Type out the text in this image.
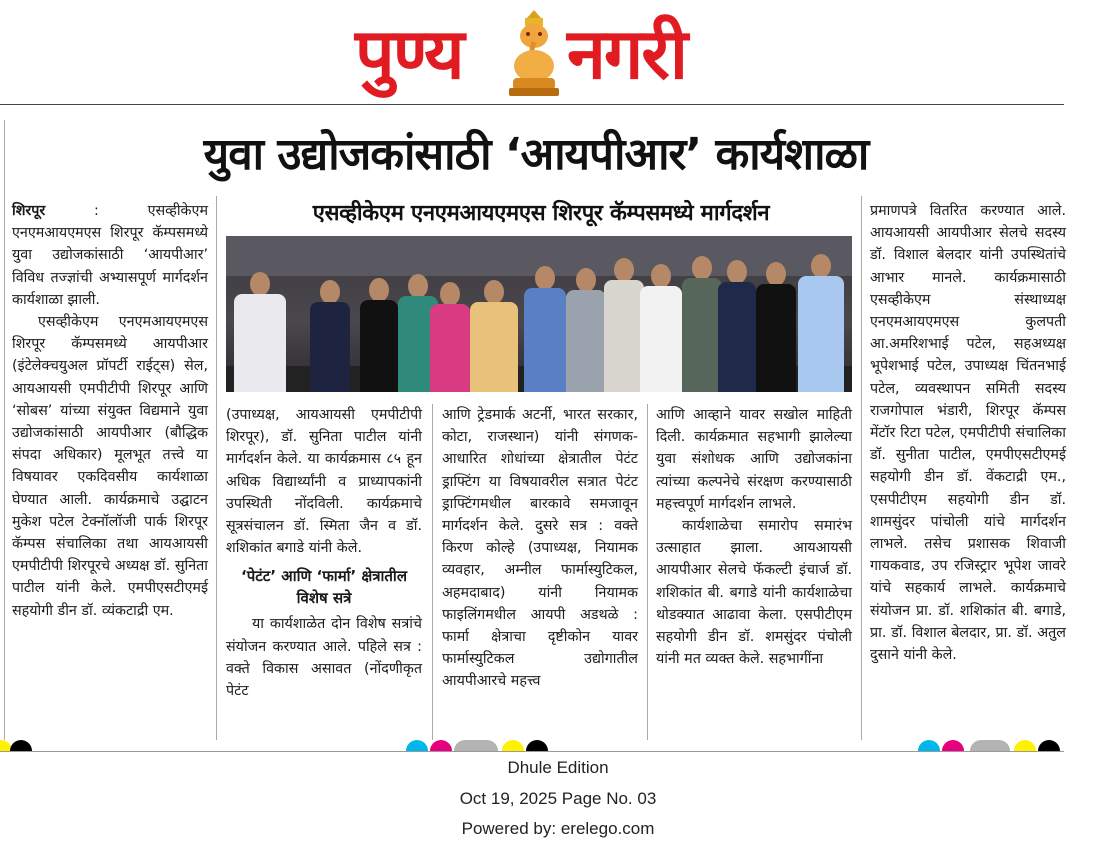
पुण्य नगरी
युवा उद्योजकांसाठी ‘आयपीआर’ कार्यशाळा

शिरपूर : एसव्हीकेएम एनएमआयएमएस शिरपूर कॅम्पसमध्ये युवा उद्योजकांसाठी ‘आयपीआर’ विविध तज्ज्ञांची अभ्यासपूर्ण मार्गदर्शन कार्यशाळा झाली.

एसव्हीकेएम एनएमआयएमएस शिरपूर कॅम्पसमध्ये आयपीआर (इंटेलेक्चयुअल प्रॉपर्टी राईट्स) सेल, आयआयसी एमपीटीपी शिरपूर आणि ‘सोबस’ यांच्या संयुक्त विद्यमाने युवा उद्योजकांसाठी आयपीआर (बौद्धिक संपदा अधिकार) मूलभूत तत्त्वे या विषयावर एकदिवसीय कार्यशाळा घेण्यात आली. कार्यक्रमाचे उद्घाटन मुकेश पटेल टेक्नॉलॉजी पार्क शिरपूर कॅम्पस संचालिका तथा आयआयसी एमपीटीपी शिरपूरचे अध्यक्ष डॉ. सुनिता पाटील यांनी केले. एमपीएसटीएमई सहयोगी डीन डॉ. व्यंकटाद्री एम.

एसव्हीकेएम एनएमआयएमएस शिरपूर कॅम्पसमध्ये मार्गदर्शन

(उपाध्यक्ष, आयआयसी एमपीटीपी शिरपूर), डॉ. सुनिता पाटील यांनी मार्गदर्शन केले. या कार्यक्रमास ८५ हून अधिक विद्यार्थ्यांनी व प्राध्यापकांनी उपस्थिती नोंदविली. कार्यक्रमाचे सूत्रसंचालन डॉ. स्मिता जैन व डॉ. शशिकांत बगाडे यांनी केले.

‘पेटंट’ आणि ‘फार्मा’ क्षेत्रातील विशेष सत्रे

या कार्यशाळेत दोन विशेष सत्रांचे संयोजन करण्यात आले. पहिले सत्र : वक्ते विकास असावत (नोंदणीकृत पेटंट

आणि ट्रेडमार्क अटर्नी, भारत सरकार, कोटा, राजस्थान) यांनी संगणक-आधारित शोधांच्या क्षेत्रातील पेटंट ड्राफ्टिंग या विषयावरील सत्रात पेटंट ड्राफ्टिंगमधील बारकावे समजावून मार्गदर्शन केले. दुसरे सत्र : वक्ते किरण कोल्हे (उपाध्यक्ष, नियामक व्यवहार, अम्नील फार्मास्युटिकल, अहमदाबाद) यांनी नियामक फाइलिंगमधील आयपी अडथळे : फार्मा क्षेत्राचा दृष्टीकोन यावर फार्मास्युटिकल उद्योगातील आयपीआरचे महत्त्व

आणि आव्हाने यावर सखोल माहिती दिली. कार्यक्रमात सहभागी झालेल्या युवा संशोधक आणि उद्योजकांना त्यांच्या कल्पनेचे संरक्षण करण्यासाठी महत्त्वपूर्ण मार्गदर्शन लाभले.

कार्यशाळेचा समारोप समारंभ उत्साहात झाला. आयआयसी आयपीआर सेलचे फॅकल्टी इंचार्ज डॉ. शशिकांत बी. बगाडे यांनी कार्यशाळेचा थोडक्यात आढावा केला. एसपीटीएम सहयोगी डीन डॉ. शमसुंदर पंचोली यांनी मत व्यक्त केले. सहभागींना

प्रमाणपत्रे वितरित करण्यात आले. आयआयसी आयपीआर सेलचे सदस्य डॉ. विशाल बेलदार यांनी उपस्थितांचे आभार मानले. कार्यक्रमासाठी एसव्हीकेएम संस्थाध्यक्ष एनएमआयएमएस कुलपती आ.अमरिशभाई पटेल, सहअध्यक्ष भूपेशभाई पटेल, उपाध्यक्ष चिंतनभाई पटेल, व्यवस्थापन समिती सदस्य राजगोपाल भंडारी, शिरपूर कॅम्पस मेंटॉर रिटा पटेल, एमपीटीपी संचालिका डॉ. सुनीता पाटील, एमपीएसटीएमई सहयोगी डीन डॉ. वेंकटाद्री एम., एसपीटीएम सहयोगी डीन डॉ. शामसुंदर पांचोली यांचे मार्गदर्शन लाभले. तसेच प्रशासक शिवाजी गायकवाड, उप रजिस्ट्रार भूपेश जावरे यांचे सहकार्य लाभले. कार्यक्रमाचे संयोजन प्रा. डॉ. शशिकांत बी. बगाडे, प्रा. डॉ. विशाल बेलदार, प्रा. डॉ. अतुल दुसाने यांनी केले.

Dhule Edition
Oct 19, 2025 Page No. 03
Powered by: erelego.com
